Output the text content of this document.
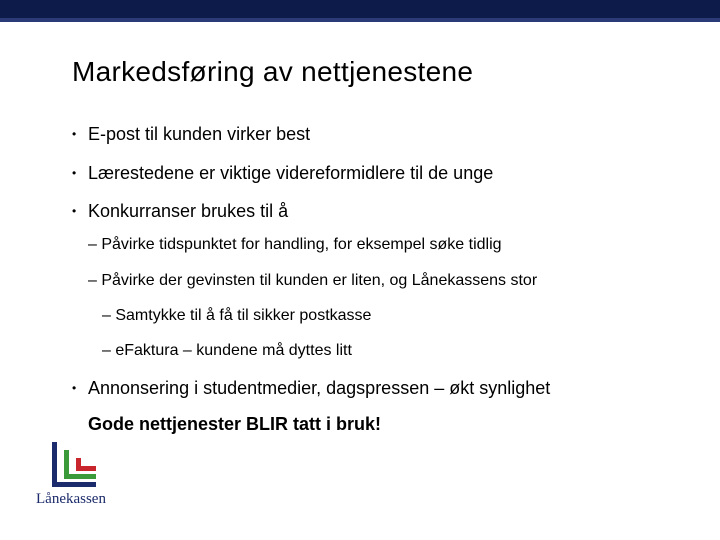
Markedsføring av nettjenestene
• E-post til kunden virker best
• Lærestedene er viktige videreformidlere til de unge
• Konkurranser brukes til å
– Påvirke tidspunktet for handling, for eksempel søke tidlig
– Påvirke der gevinsten til kunden er liten, og Lånekassens stor
– Samtykke til å få til sikker postkasse
– eFaktura – kundene må dyttes litt
• Annonsering i studentmedier, dagspressen – økt synlighet
Gode nettjenester BLIR tatt i bruk!
Lånekassen
